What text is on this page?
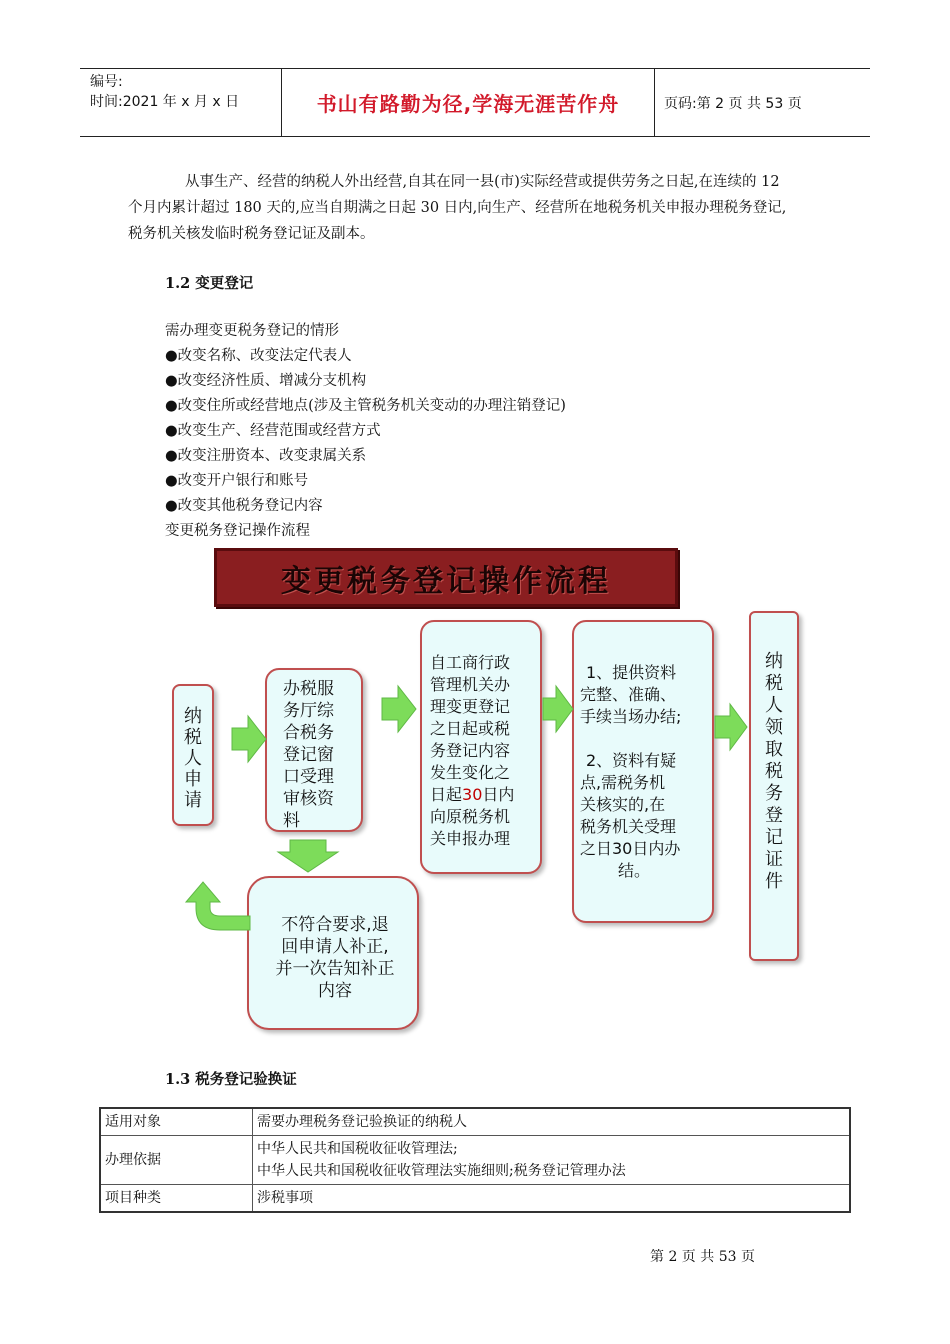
编号:
时间:2021 年 x 月 x 日	书山有路勤为径,学海无涯苦作舟	页码:第 2 页 共 53 页
从事生产、经营的纳税人外出经营,自其在同一县(市)实际经营或提供劳务之日起,在连续的 12
个月内累计超过 180 天的,应当自期满之日起 30 日内,向生产、经营所在地税务机关申报办理税务登记,
税务机关核发临时税务登记证及副本。
1.2 变更登记
需办理变更税务登记的情形
●改变名称、改变法定代表人
●改变经济性质、增减分支机构
●改变住所或经营地点(涉及主管税务机关变动的办理注销登记)
●改变生产、经营范围或经营方式
●改变注册资本、改变隶属关系
●改变开户银行和账号
●改变其他税务登记内容
变更税务登记操作流程
变更税务登记操作流程
纳税人申请
办税服务厅综合税务登记窗口受理审核资料
自工商行政
管理机关办
理变更登记
之日起或税
务登记内容
发生变化之
日起30日内
向原税务机
关申报办理
1、提供资料
完整、准确、
手续当场办结;
2、资料有疑
点,需税务机
关核实的,在
税务机关受理
之日30日内办
结。
纳税人领取税务登记证件
不符合要求,退
回申请人补正,
并一次告知补正
内容
1.3 税务登记验换证
适用对象	需要办理税务登记验换证的纳税人

办理依据	中华人民共和国税收征收管理法;
中华人民共和国税收征收管理法实施细则;税务登记管理办法

项目种类	涉税事项
第 2 页 共 53 页
